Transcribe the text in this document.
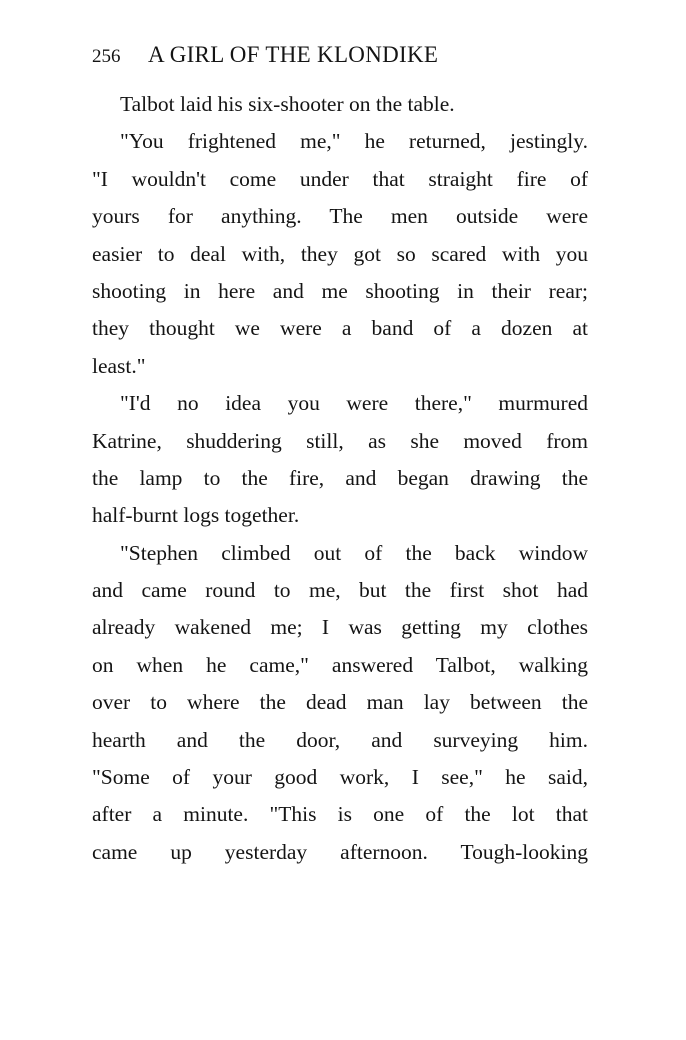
256 A GIRL OF THE KLONDIKE
Talbot laid his six-shooter on the table.
"You frightened me," he returned, jestingly.
"I wouldn't come under that straight fire of
yours for anything. The men outside were
easier to deal with, they got so scared with you
shooting in here and me shooting in their rear;
they thought we were a band of a dozen at
least."
"I'd no idea you were there," murmured
Katrine, shuddering still, as she moved from
the lamp to the fire, and began drawing the
half-burnt logs together.
"Stephen climbed out of the back window
and came round to me, but the first shot had
already wakened me; I was getting my clothes
on when he came," answered Talbot, walking
over to where the dead man lay between the
hearth and the door, and surveying him.
"Some of your good work, I see," he said,
after a minute. "This is one of the lot that
came up yesterday afternoon. Tough-looking
